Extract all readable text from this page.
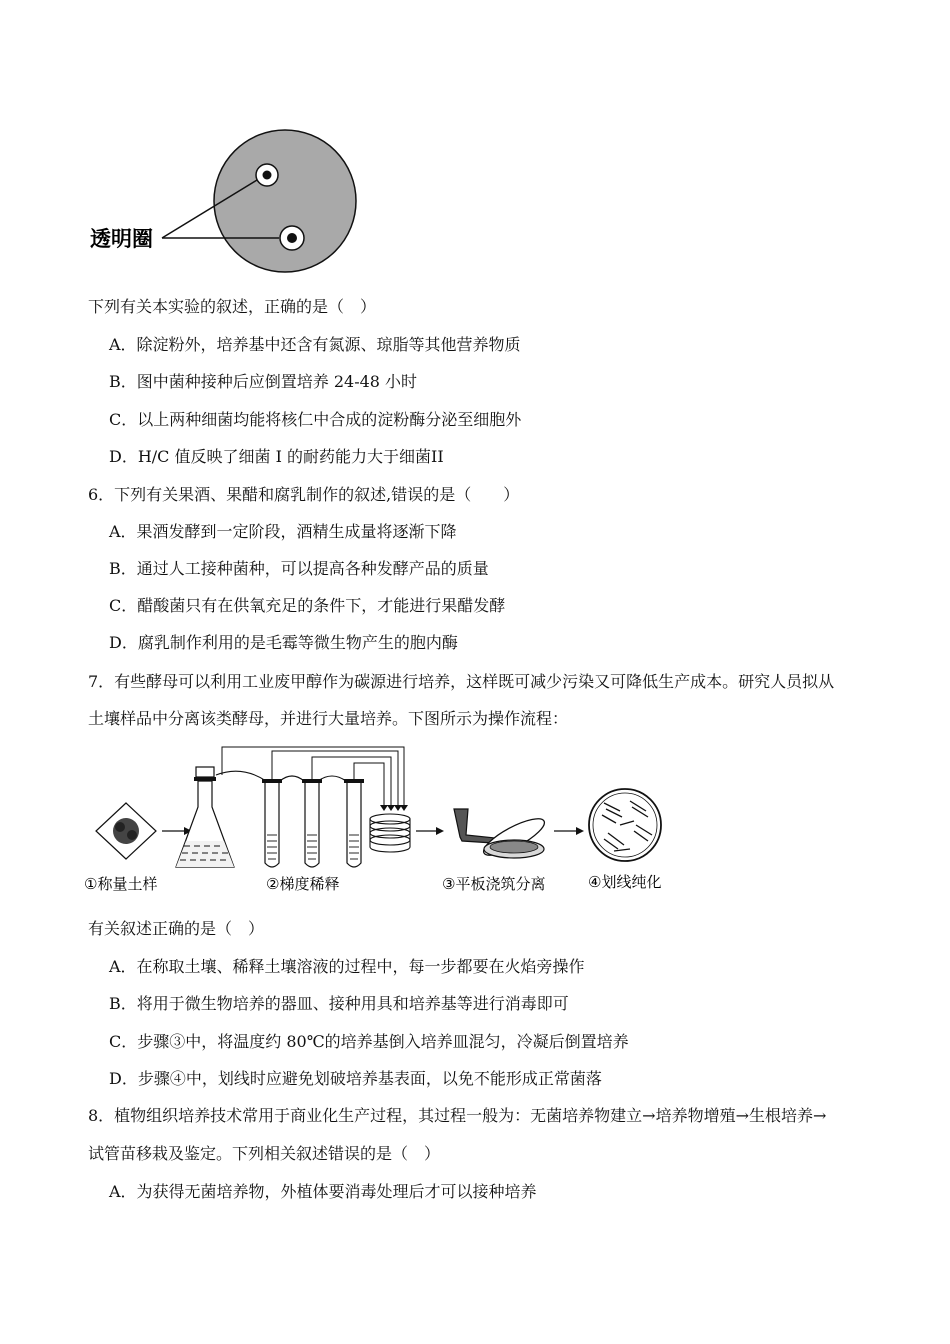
透明圈
下列有关本实验的叙述，正确的是（　）
A．除淀粉外，培养基中还含有氮源、琼脂等其他营养物质
B．图中菌种接种后应倒置培养 24-48 小时
C．以上两种细菌均能将核仁中合成的淀粉酶分泌至细胞外
D．H/C 值反映了细菌 I 的耐药能力大于细菌II
6．下列有关果酒、果醋和腐乳制作的叙述,错误的是（　　）
A．果酒发酵到一定阶段，酒精生成量将逐渐下降
B．通过人工接种菌种，可以提高各种发酵产品的质量
C．醋酸菌只有在供氧充足的条件下，才能进行果醋发酵
D．腐乳制作利用的是毛霉等微生物产生的胞内酶
7．有些酵母可以利用工业废甲醇作为碳源进行培养，这样既可减少污染又可降低生产成本。研究人员拟从
土壤样品中分离该类酵母，并进行大量培养。下图所示为操作流程：
①称量土样	②梯度稀释	③平板浇筑分离	④划线纯化
有关叙述正确的是（　）
A．在称取土壤、稀释土壤溶液的过程中，每一步都要在火焰旁操作
B．将用于微生物培养的器皿、接种用具和培养基等进行消毒即可
C．步骤③中，将温度约 80℃的培养基倒入培养皿混匀，冷凝后倒置培养
D．步骤④中，划线时应避免划破培养基表面，以免不能形成正常菌落
8．植物组织培养技术常用于商业化生产过程，其过程一般为：无菌培养物建立→培养物增殖→生根培养→
试管苗移栽及鉴定。下列相关叙述错误的是（　）
A．为获得无菌培养物，外植体要消毒处理后才可以接种培养
